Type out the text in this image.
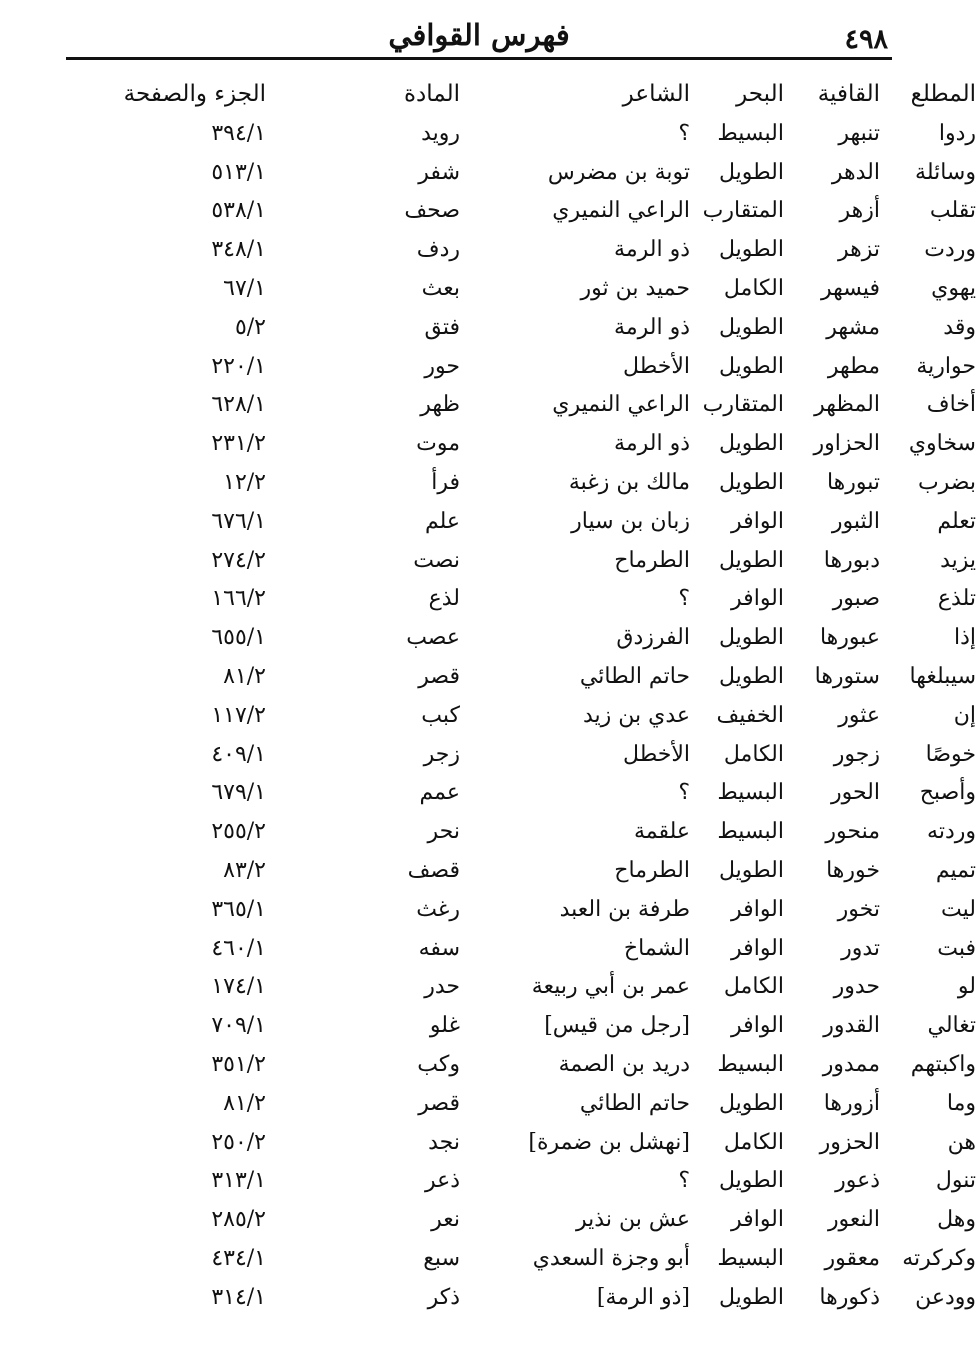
٤٩٨
فهرس القوافي
المطلع	القافية	البحر	الشاعر	المادة	الجزء والصفحة
ردوا	تنبهر	البسيط	؟	رويد	٣٩٤/١
وسائلة	الدهر	الطويل	توبة بن مضرس	شفر	٥١٣/١
تقلب	أزهر	المتقارب	الراعي النميري	صحف	٥٣٨/١
وردت	تزهر	الطويل	ذو الرمة	ردف	٣٤٨/١
يهوي	فيسهر	الكامل	حميد بن ثور	بعث	٦٧/١
وقد	مشهر	الطويل	ذو الرمة	فتق	٥/٢
حوارية	مطهر	الطويل	الأخطل	حور	٢٢٠/١
أخاف	المظهر	المتقارب	الراعي النميري	ظهر	٦٢٨/١
سخاوي	الحزاور	الطويل	ذو الرمة	موت	٢٣١/٢
بضرب	تبورها	الطويل	مالك بن زغبة	فرأ	١٢/٢
تعلم	الثبور	الوافر	زبان بن سيار	علم	٦٧٦/١
يزيد	دبورها	الطويل	الطرماح	نصت	٢٧٤/٢
تلذع	صبور	الوافر	؟	لذع	١٦٦/٢
إذا	عبورها	الطويل	الفرزدق	عصب	٦٥٥/١
سيبلغها	ستورها	الطويل	حاتم الطائي	قصر	٨١/٢
إن	عثور	الخفيف	عدي بن زيد	كبب	١١٧/٢
خوصًا	زجور	الكامل	الأخطل	زجر	٤٠٩/١
وأصبح	الحور	البسيط	؟	عمم	٦٧٩/١
وردته	منحور	البسيط	علقمة	نحر	٢٥٥/٢
تميم	خورها	الطويل	الطرماح	قصف	٨٣/٢
ليت	تخور	الوافر	طرفة بن العبد	رغث	٣٦٥/١
فبت	تدور	الوافر	الشماخ	سفه	٤٦٠/١
لو	حدور	الكامل	عمر بن أبي ربيعة	حدر	١٧٤/١
تغالي	القدور	الوافر	[رجل من قيس]	غلو	٧٠٩/١
واكبتهم	ممدور	البسيط	دريد بن الصمة	وكب	٣٥١/٢
وما	أزورها	الطويل	حاتم الطائي	قصر	٨١/٢
هن	الحزور	الكامل	[نهشل بن ضمرة]	نجد	٢٥٠/٢
تنول	ذعور	الطويل	؟	ذعر	٣١٣/١
وهل	النعور	الوافر	عش بن نذير	نعر	٢٨٥/٢
وكركرته	معقور	البسيط	أبو وجزة السعدي	سبع	٤٣٤/١
وودعن	ذكورها	الطويل	[ذو الرمة]	ذكر	٣١٤/١
